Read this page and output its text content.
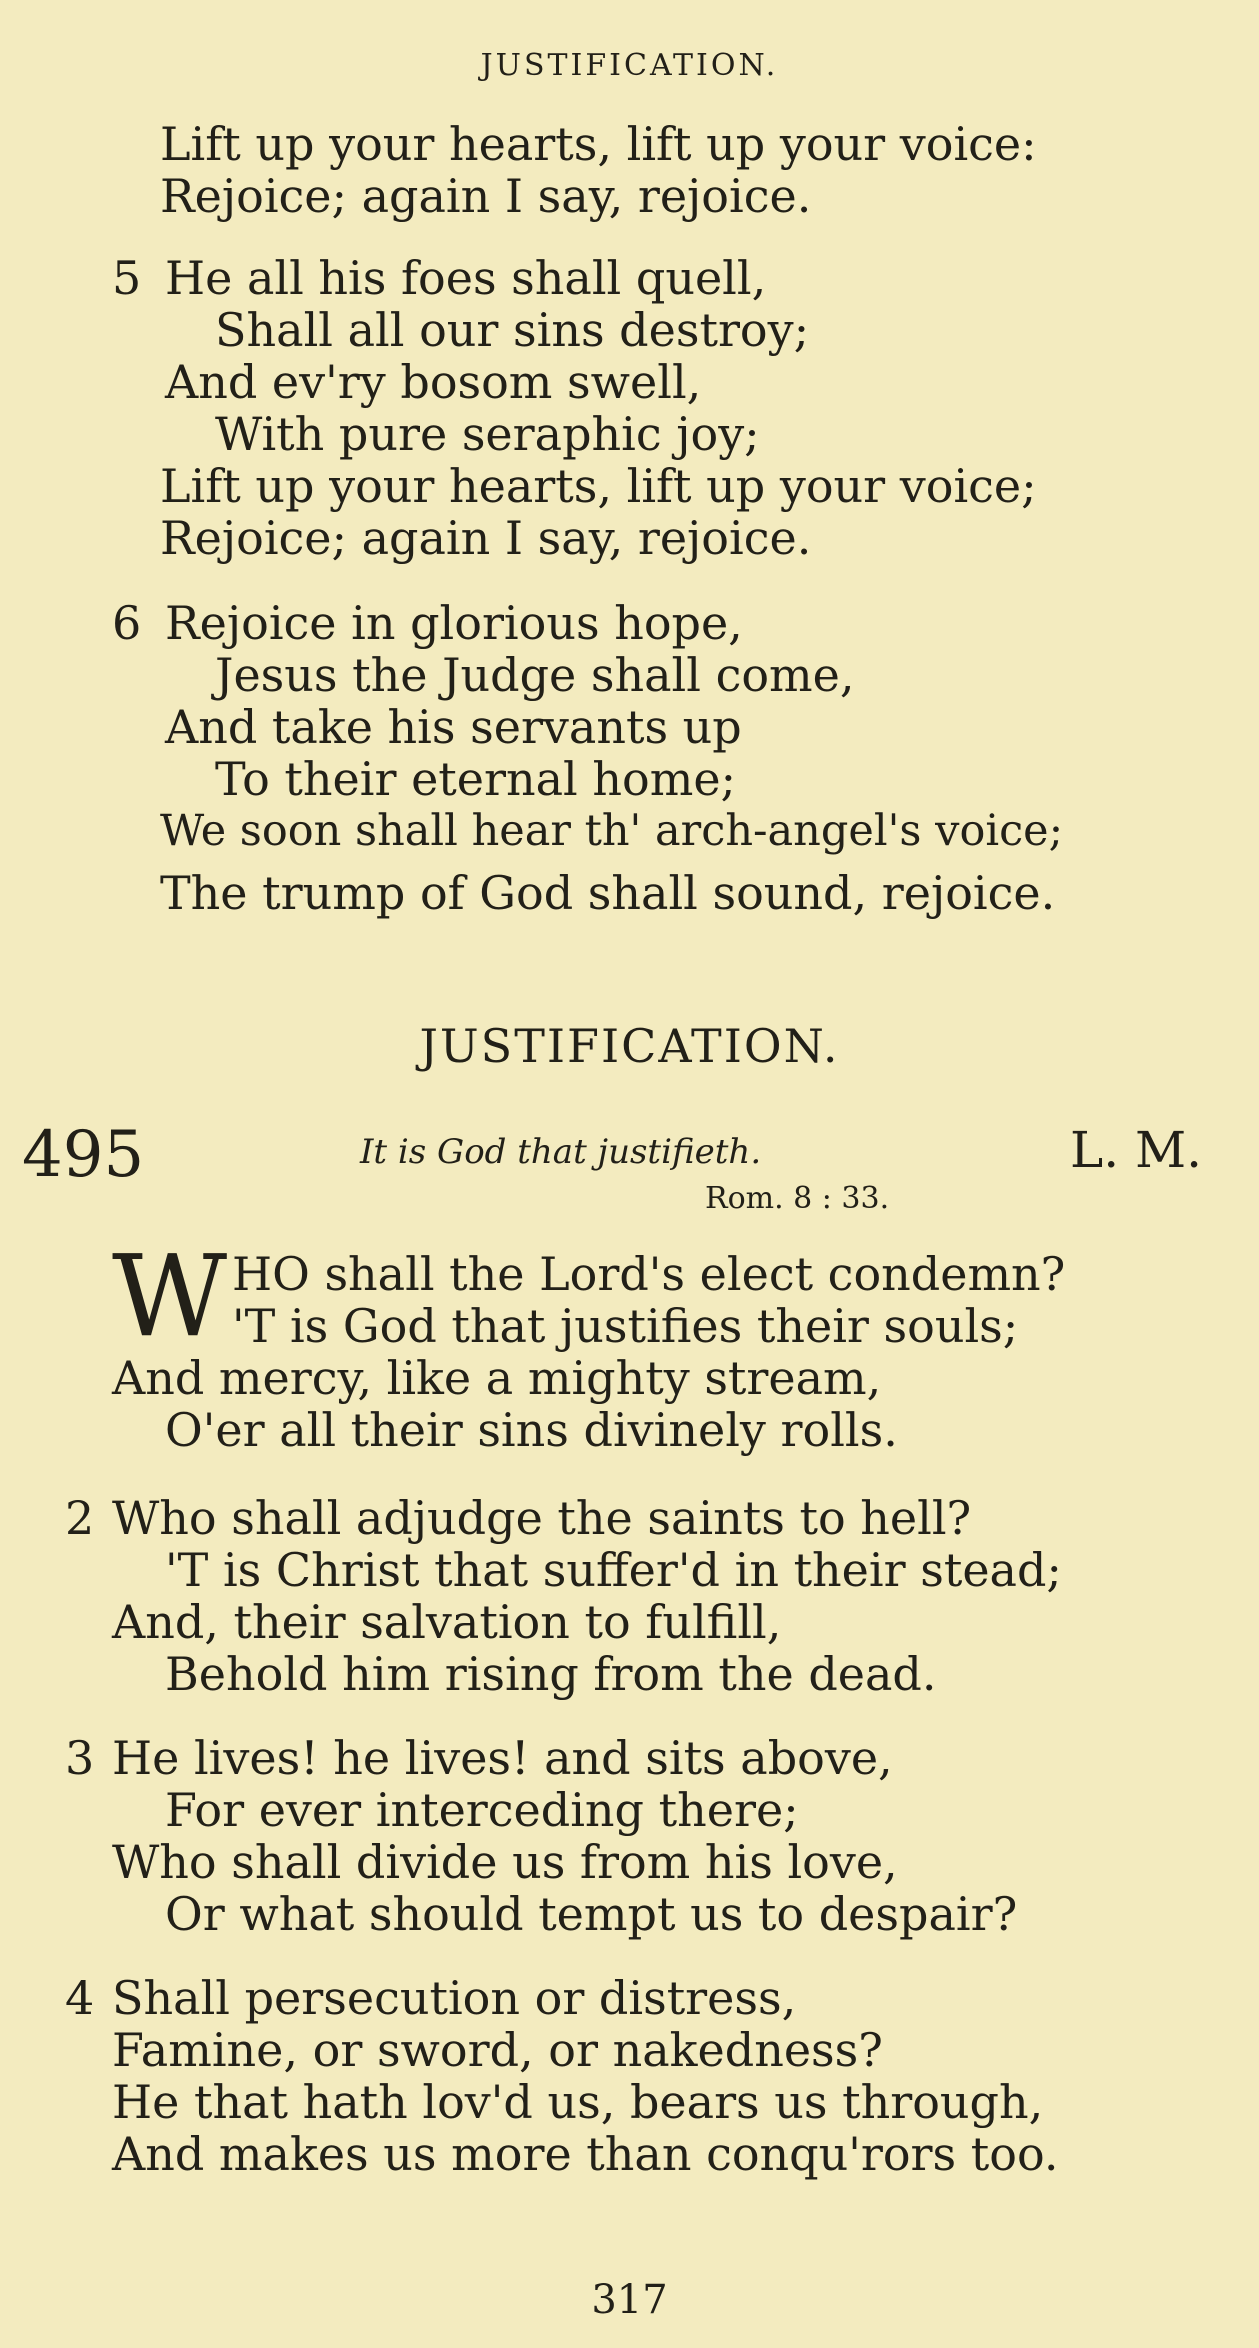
JUSTIFICATION.
Lift up your hearts, lift up your voice:
Rejoice; again I say, rejoice.
5 He all his foes shall quell,
Shall all our sins destroy;
And ev'ry bosom swell,
With pure seraphic joy;
Lift up your hearts, lift up your voice;
Rejoice; again I say, rejoice.
6 Rejoice in glorious hope,
Jesus the Judge shall come,
And take his servants up
To their eternal home;
We soon shall hear th' arch-angel's voice;
The trump of God shall sound, rejoice.
JUSTIFICATION.
495	It is God that justifieth.	L. M.
Rom. 8 : 33.
W HO shall the Lord's elect condemn?
'T is God that justifies their souls;
And mercy, like a mighty stream,
O'er all their sins divinely rolls.
2 Who shall adjudge the saints to hell?
'T is Christ that suffer'd in their stead;
And, their salvation to fulfill,
Behold him rising from the dead.
3 He lives! he lives! and sits above,
For ever interceding there;
Who shall divide us from his love,
Or what should tempt us to despair?
4 Shall persecution or distress,
Famine, or sword, or nakedness?
He that hath lov'd us, bears us through,
And makes us more than conqu'rors too.
317
